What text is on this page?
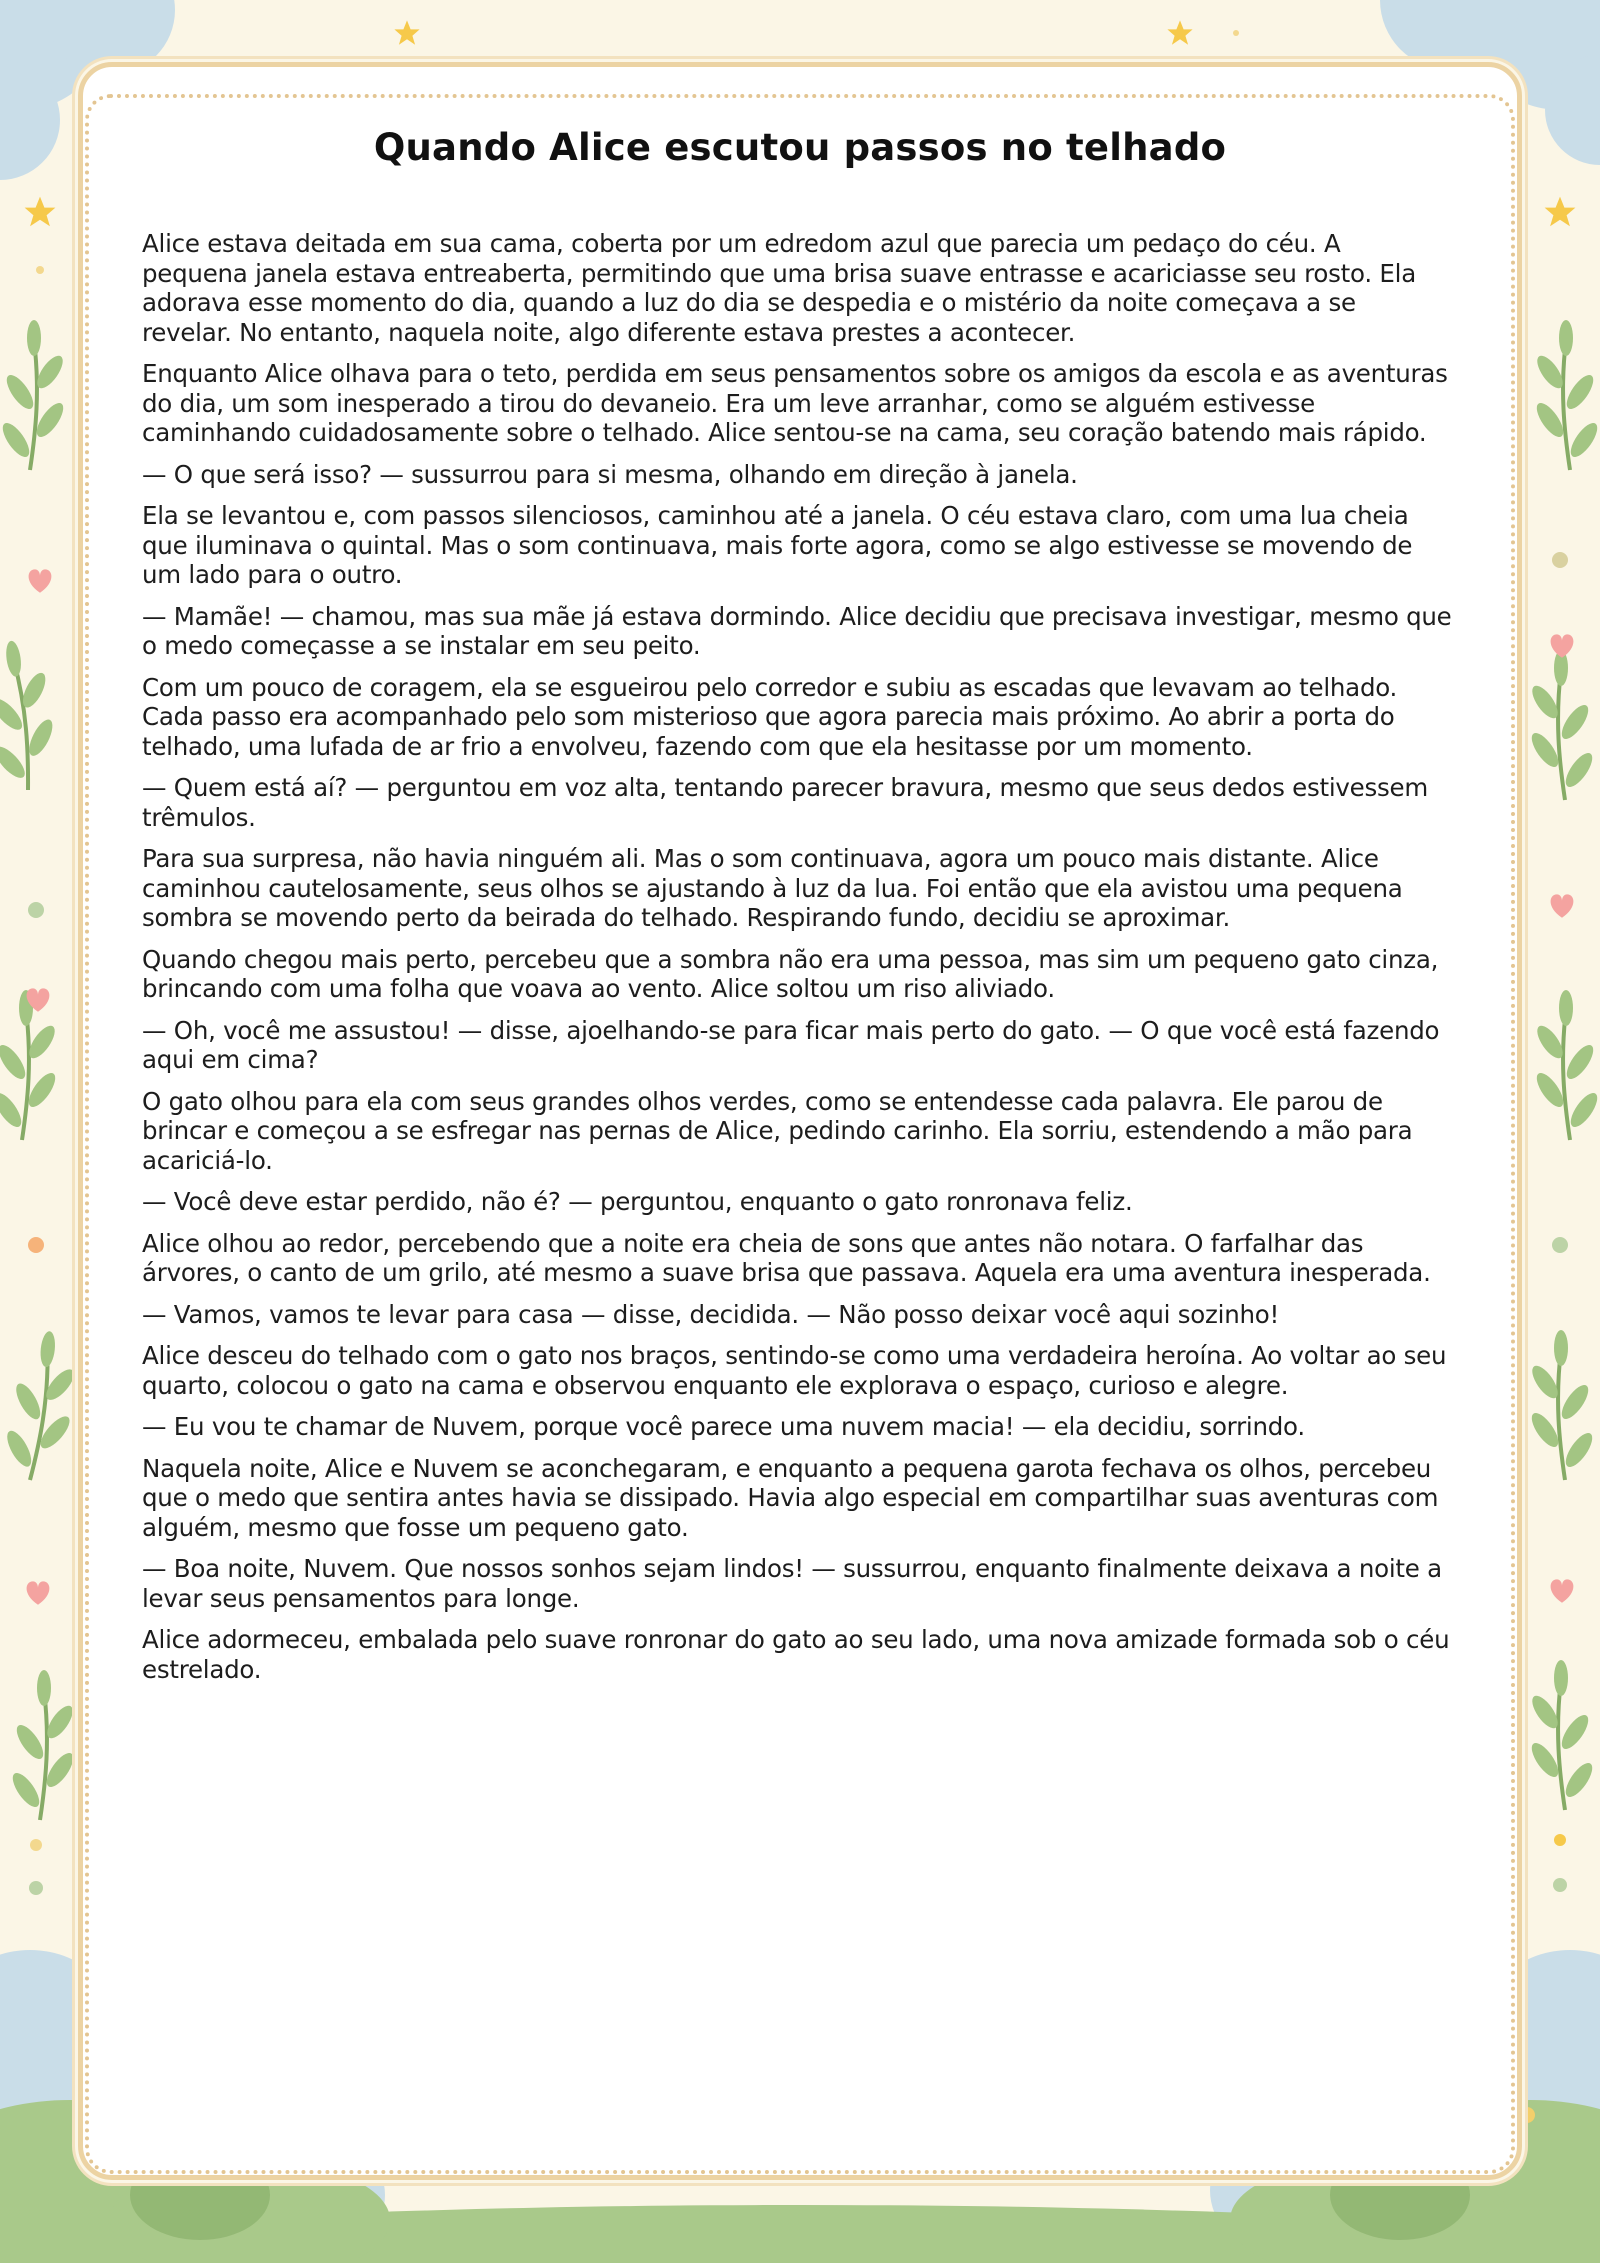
Quando Alice escutou passos no telhado

Alice estava deitada em sua cama, coberta por um edredom azul que parecia um pedaço do céu. A pequena janela estava entreaberta, permitindo que uma brisa suave entrasse e acariciasse seu rosto. Ela adorava esse momento do dia, quando a luz do dia se despedia e o mistério da noite começava a se revelar. No entanto, naquela noite, algo diferente estava prestes a acontecer.

Enquanto Alice olhava para o teto, perdida em seus pensamentos sobre os amigos da escola e as aventuras do dia, um som inesperado a tirou do devaneio. Era um leve arranhar, como se alguém estivesse caminhando cuidadosamente sobre o telhado. Alice sentou-se na cama, seu coração batendo mais rápido.

— O que será isso? — sussurrou para si mesma, olhando em direção à janela.

Ela se levantou e, com passos silenciosos, caminhou até a janela. O céu estava claro, com uma lua cheia que iluminava o quintal. Mas o som continuava, mais forte agora, como se algo estivesse se movendo de um lado para o outro.

— Mamãe! — chamou, mas sua mãe já estava dormindo. Alice decidiu que precisava investigar, mesmo que o medo começasse a se instalar em seu peito.

Com um pouco de coragem, ela se esgueirou pelo corredor e subiu as escadas que levavam ao telhado. Cada passo era acompanhado pelo som misterioso que agora parecia mais próximo. Ao abrir a porta do telhado, uma lufada de ar frio a envolveu, fazendo com que ela hesitasse por um momento.

— Quem está aí? — perguntou em voz alta, tentando parecer bravura, mesmo que seus dedos estivessem trêmulos.

Para sua surpresa, não havia ninguém ali. Mas o som continuava, agora um pouco mais distante. Alice caminhou cautelosamente, seus olhos se ajustando à luz da lua. Foi então que ela avistou uma pequena sombra se movendo perto da beirada do telhado. Respirando fundo, decidiu se aproximar.

Quando chegou mais perto, percebeu que a sombra não era uma pessoa, mas sim um pequeno gato cinza, brincando com uma folha que voava ao vento. Alice soltou um riso aliviado.

— Oh, você me assustou! — disse, ajoelhando-se para ficar mais perto do gato. — O que você está fazendo aqui em cima?

O gato olhou para ela com seus grandes olhos verdes, como se entendesse cada palavra. Ele parou de brincar e começou a se esfregar nas pernas de Alice, pedindo carinho. Ela sorriu, estendendo a mão para acariciá-lo.

— Você deve estar perdido, não é? — perguntou, enquanto o gato ronronava feliz.

Alice olhou ao redor, percebendo que a noite era cheia de sons que antes não notara. O farfalhar das árvores, o canto de um grilo, até mesmo a suave brisa que passava. Aquela era uma aventura inesperada.

— Vamos, vamos te levar para casa — disse, decidida. — Não posso deixar você aqui sozinho!

Alice desceu do telhado com o gato nos braços, sentindo-se como uma verdadeira heroína. Ao voltar ao seu quarto, colocou o gato na cama e observou enquanto ele explorava o espaço, curioso e alegre.

— Eu vou te chamar de Nuvem, porque você parece uma nuvem macia! — ela decidiu, sorrindo.

Naquela noite, Alice e Nuvem se aconchegaram, e enquanto a pequena garota fechava os olhos, percebeu que o medo que sentira antes havia se dissipado. Havia algo especial em compartilhar suas aventuras com alguém, mesmo que fosse um pequeno gato.

— Boa noite, Nuvem. Que nossos sonhos sejam lindos! — sussurrou, enquanto finalmente deixava a noite a levar seus pensamentos para longe.

Alice adormeceu, embalada pelo suave ronronar do gato ao seu lado, uma nova amizade formada sob o céu estrelado.
